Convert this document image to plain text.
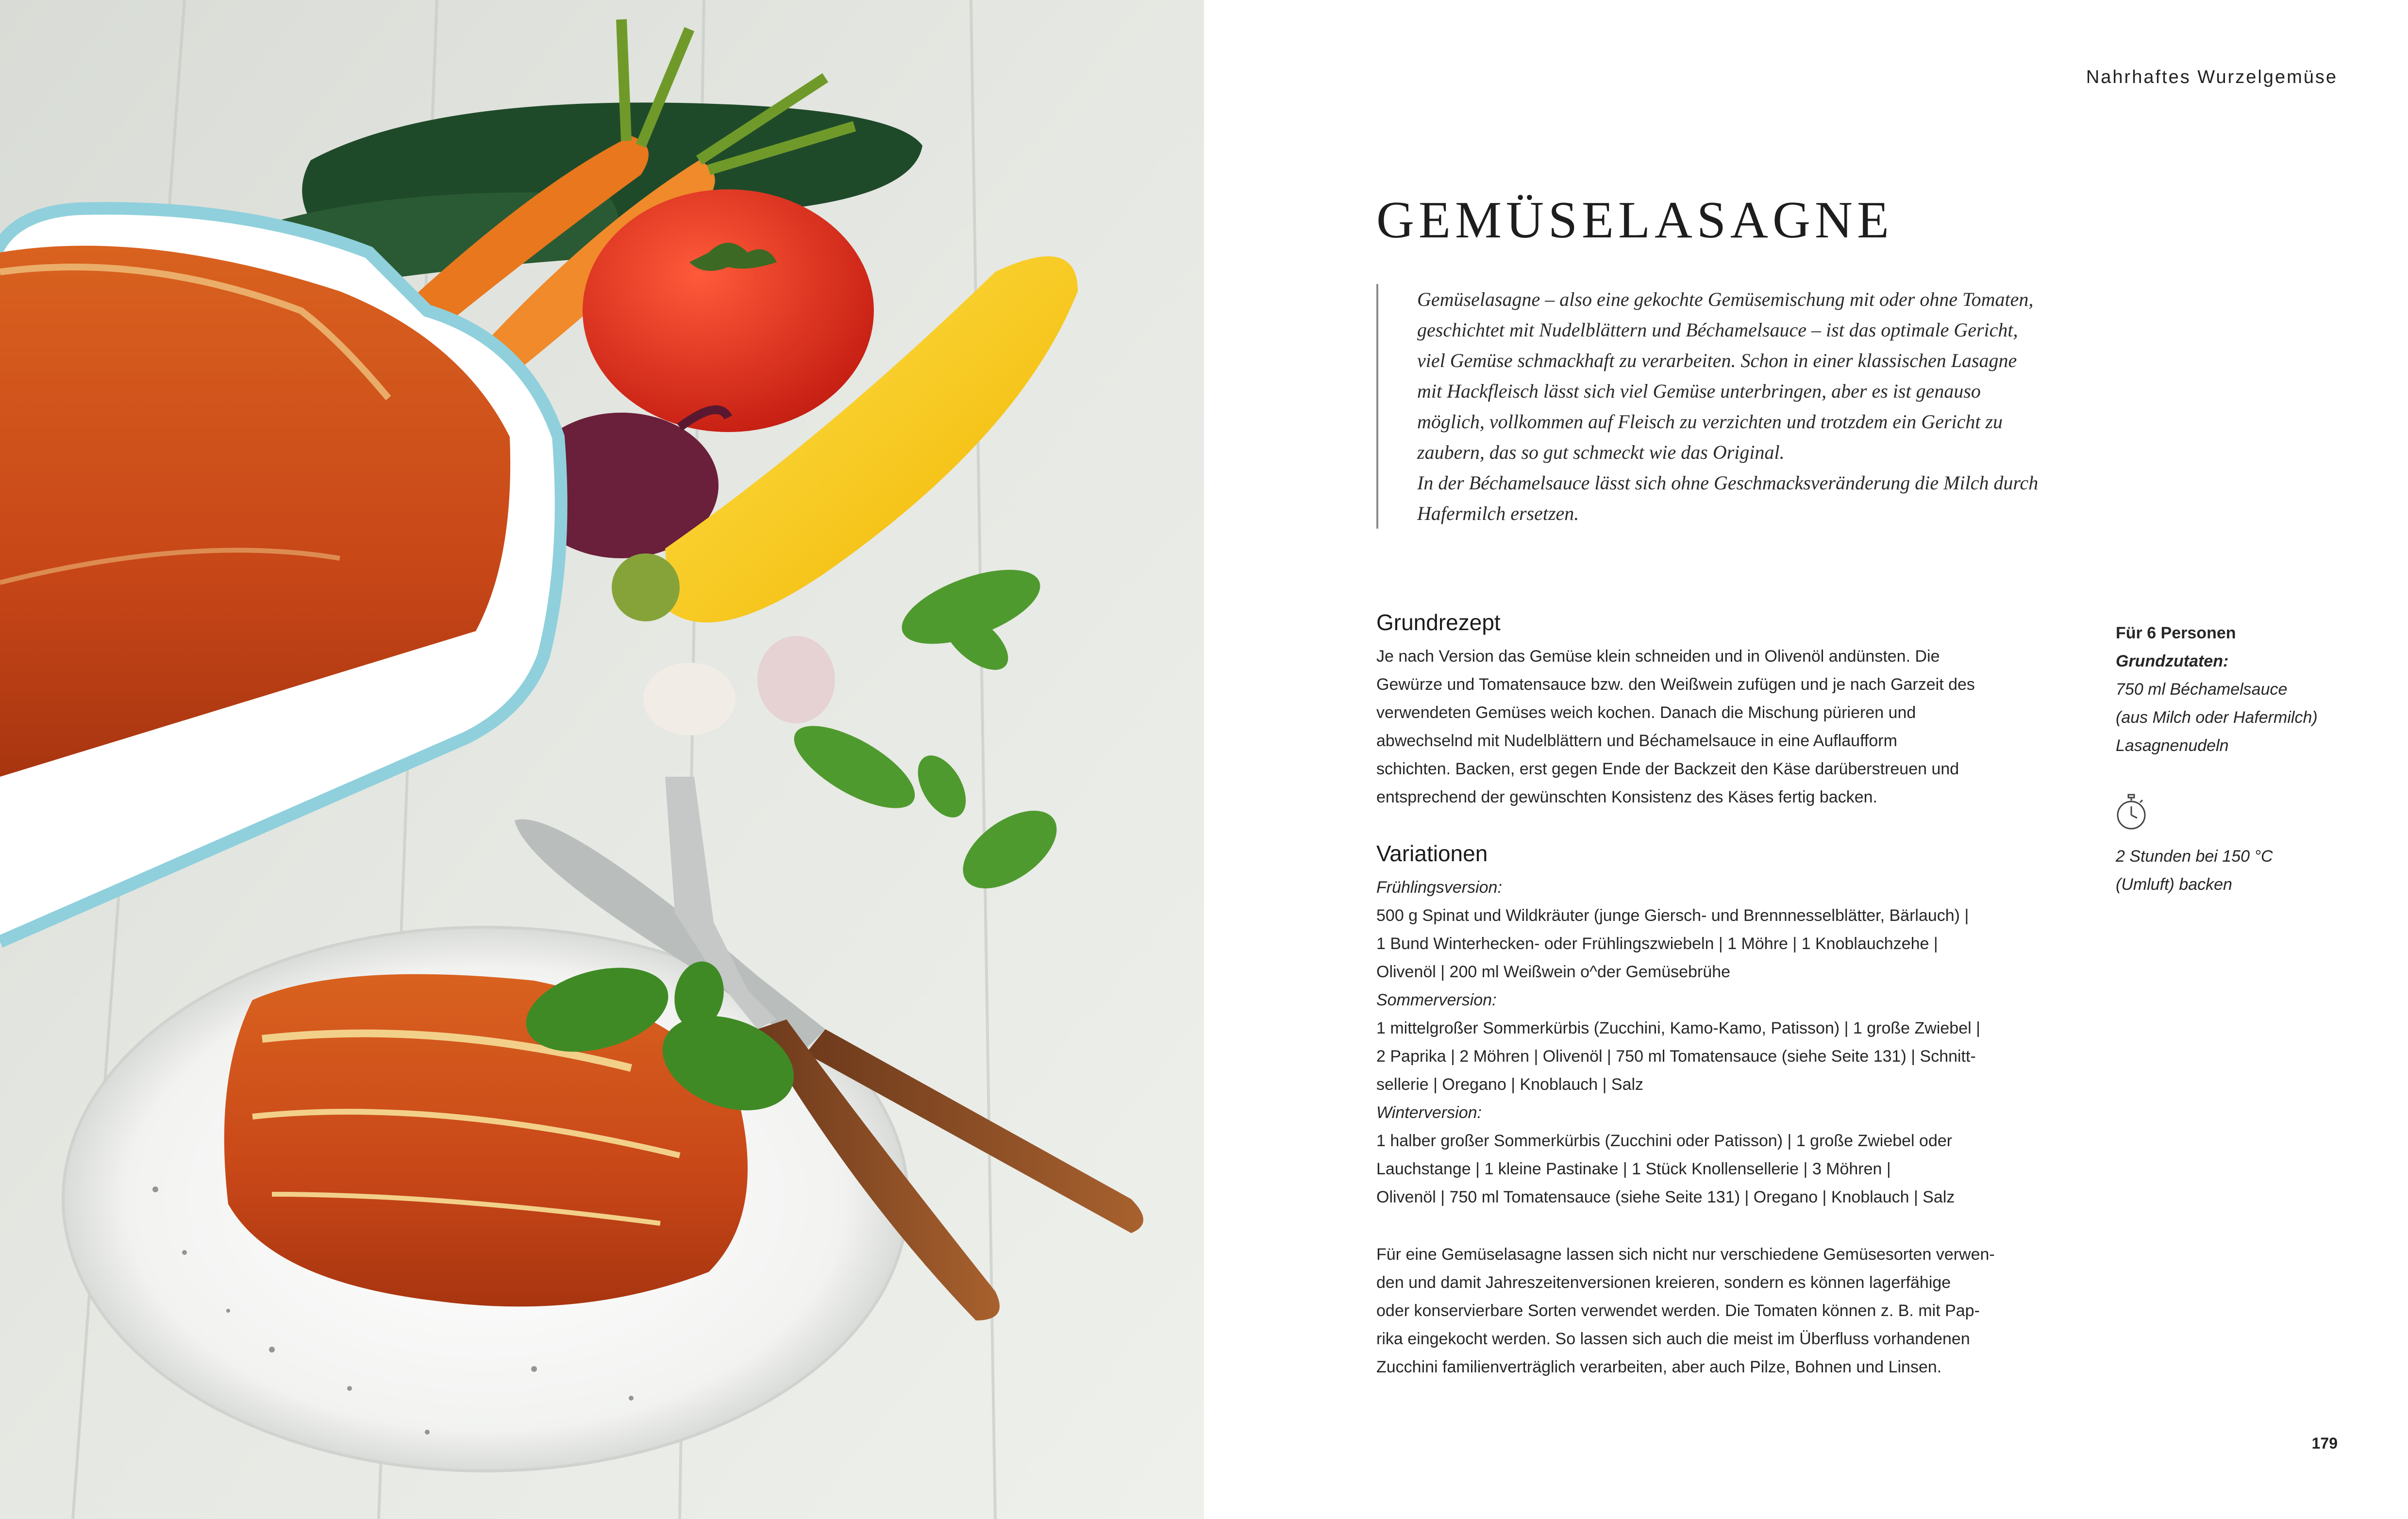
Nahrhaftes Wurzelgemüse
GEMÜSELASAGNE

Gemüselasagne – also eine gekochte Gemüsemischung mit oder ohne Tomaten,

geschichtet mit Nudelblättern und Béchamelsauce – ist das optimale Gericht,

viel Gemüse schmackhaft zu verarbeiten. Schon in einer klassischen Lasagne

mit Hackfleisch lässt sich viel Gemüse unterbringen, aber es ist genauso

möglich, vollkommen auf Fleisch zu verzichten und trotzdem ein Gericht zu

zaubern, das so gut schmeckt wie das Original.

In der Béchamelsauce lässt sich ohne Geschmacksveränderung die Milch durch

Hafermilch ersetzen.

Grundrezept

Je nach Version das Gemüse klein schneiden und in Olivenöl andünsten. Die

Gewürze und Tomatensauce bzw. den Weißwein zufügen und je nach Garzeit des

verwendeten Gemüses weich kochen. Danach die Mischung pürieren und

abwechselnd mit Nudelblättern und Béchamelsauce in eine Auflaufform

schichten. Backen, erst gegen Ende der Backzeit den Käse darüberstreuen und

entsprechend der gewünschten Konsistenz des Käses fertig backen.

Variationen

Frühlingsversion:

500 g Spinat und Wildkräuter (junge Giersch- und Brennnesselblätter, Bärlauch) |

1 Bund Winterhecken- oder Frühlingszwiebeln | 1 Möhre | 1 Knoblauchzehe |

Olivenöl | 200 ml Weißwein o^der Gemüsebrühe

Sommerversion:

1 mittelgroßer Sommerkürbis (Zucchini, Kamo-Kamo, Patisson) | 1 große Zwiebel |

2 Paprika | 2 Möhren | Olivenöl | 750 ml Tomatensauce (siehe Seite 131) | Schnitt-

sellerie | Oregano | Knoblauch | Salz

Winterversion:

1 halber großer Sommerkürbis (Zucchini oder Patisson) | 1 große Zwiebel oder

Lauchstange | 1 kleine Pastinake | 1 Stück Knollensellerie | 3 Möhren |

Olivenöl | 750 ml Tomatensauce (siehe Seite 131) | Oregano | Knoblauch | Salz

Für eine Gemüselasagne lassen sich nicht nur verschiedene Gemüsesorten verwen-

den und damit Jahreszeitenversionen kreieren, sondern es können lagerfähige

oder konservierbare Sorten verwendet werden. Die Tomaten können z. B. mit Pap-

rika eingekocht werden. So lassen sich auch die meist im Überfluss vorhandenen

Zucchini familienverträglich verarbeiten, aber auch Pilze, Bohnen und Linsen.

Für 6 Personen
Grundzutaten:
750 ml Béchamelsauce
(aus Milch oder Hafermilch)
Lasagnenudeln
2 Stunden bei 150 °C
(Umluft) backen
179
